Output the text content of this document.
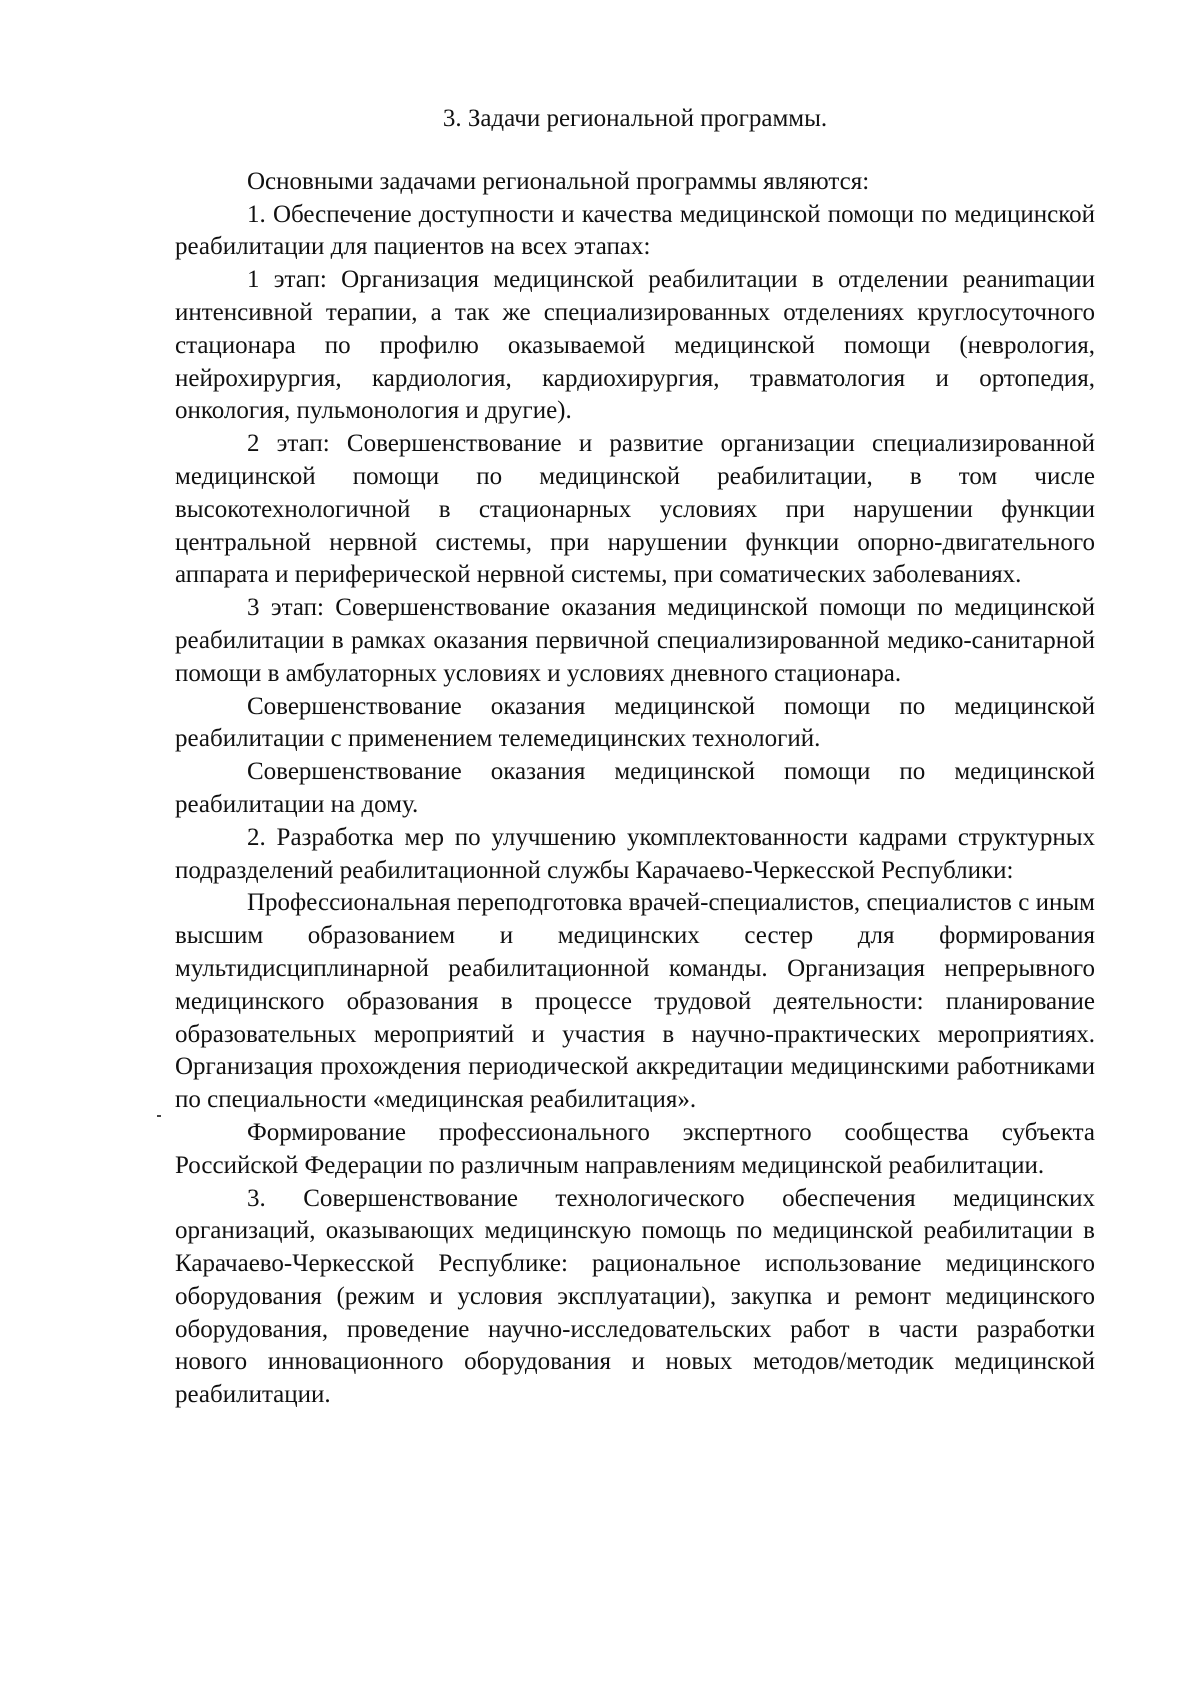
3. Задачи региональной программы.

Основными задачами региональной программы являются:

1. Обеспечение доступности и качества медицинской помощи по медицинской реабилитации для пациентов на всех этапах:

1 этап: Организация медицинской реабилитации в отделении реаниmации интенсивной терапии, а так же специализированных отделениях круглосуточного стационара по профилю оказываемой медицинской помощи (неврология, нейрохирургия, кардиология, кардиохирургия, травматология и ортопедия, онкология, пульмонология и другие).

2 этап: Совершенствование и развитие организации специализированной медицинской помощи по медицинской реабилитации, в том числе высокотехнологичной в стационарных условиях при нарушении функции центральной нервной системы, при нарушении функции опорно-двигательного аппарата и периферической нервной системы, при соматических заболеваниях.

3 этап: Совершенствование оказания медицинской помощи по медицинской реабилитации в рамках оказания первичной специализированной медико-санитарной помощи в амбулаторных условиях и условиях дневного стационара.

Совершенствование оказания медицинской помощи по медицинской реабилитации с применением телемедицинских технологий.

Совершенствование оказания медицинской помощи по медицинской реабилитации на дому.

2. Разработка мер по улучшению укомплектованности кадрами структурных подразделений реабилитационной службы Карачаево-Черкесской Республики:

Профессиональная переподготовка врачей-специалистов, специалистов с иным высшим образованием и медицинских сестер для формирования мультидисциплинарной реабилитационной команды. Организация непрерывного медицинского образования в процессе трудовой деятельности: планирование образовательных мероприятий и участия в научно-практических мероприятиях. Организация прохождения периодической аккредитации медицинскими работниками по специальности «медицинская реабилитация».

Формирование профессионального экспертного сообщества субъекта Российской Федерации по различным направлениям медицинской реабилитации.

3. Совершенствование технологического обеспечения медицинских организаций, оказывающих медицинскую помощь по медицинской реабилитации в Карачаево-Черкесской Республике: рациональное использование медицинского оборудования (режим и условия эксплуатации), закупка и ремонт медицинского оборудования, проведение научно-исследовательских работ в части разработки нового инновационного оборудования и новых методов/методик медицинской реабилитации.
